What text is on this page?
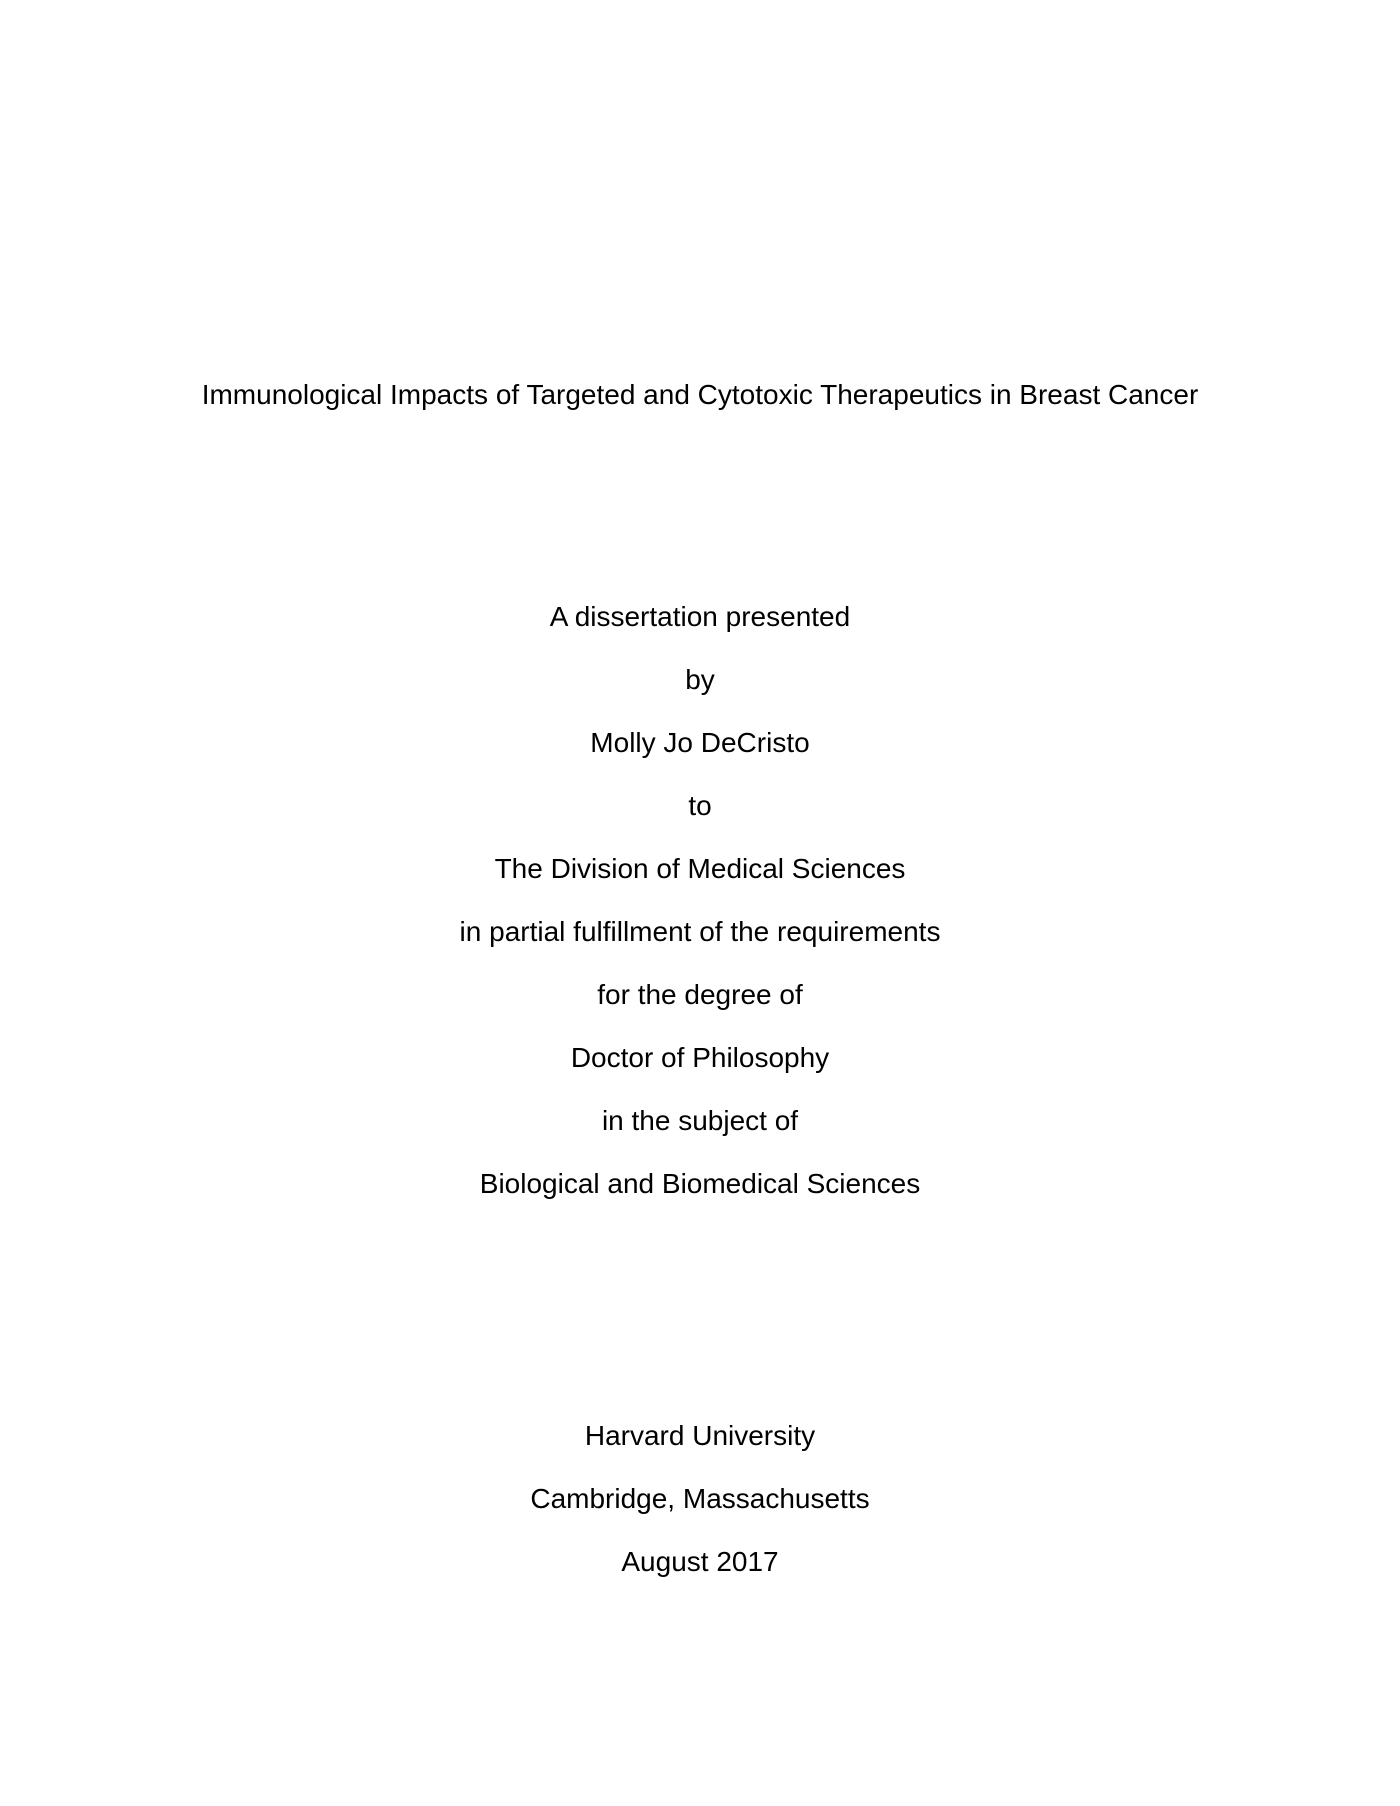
Immunological Impacts of Targeted and Cytotoxic Therapeutics in Breast Cancer
A dissertation presented
by
Molly Jo DeCristo
to
The Division of Medical Sciences
in partial fulfillment of the requirements
for the degree of
Doctor of Philosophy
in the subject of
Biological and Biomedical Sciences
Harvard University
Cambridge, Massachusetts
August 2017
